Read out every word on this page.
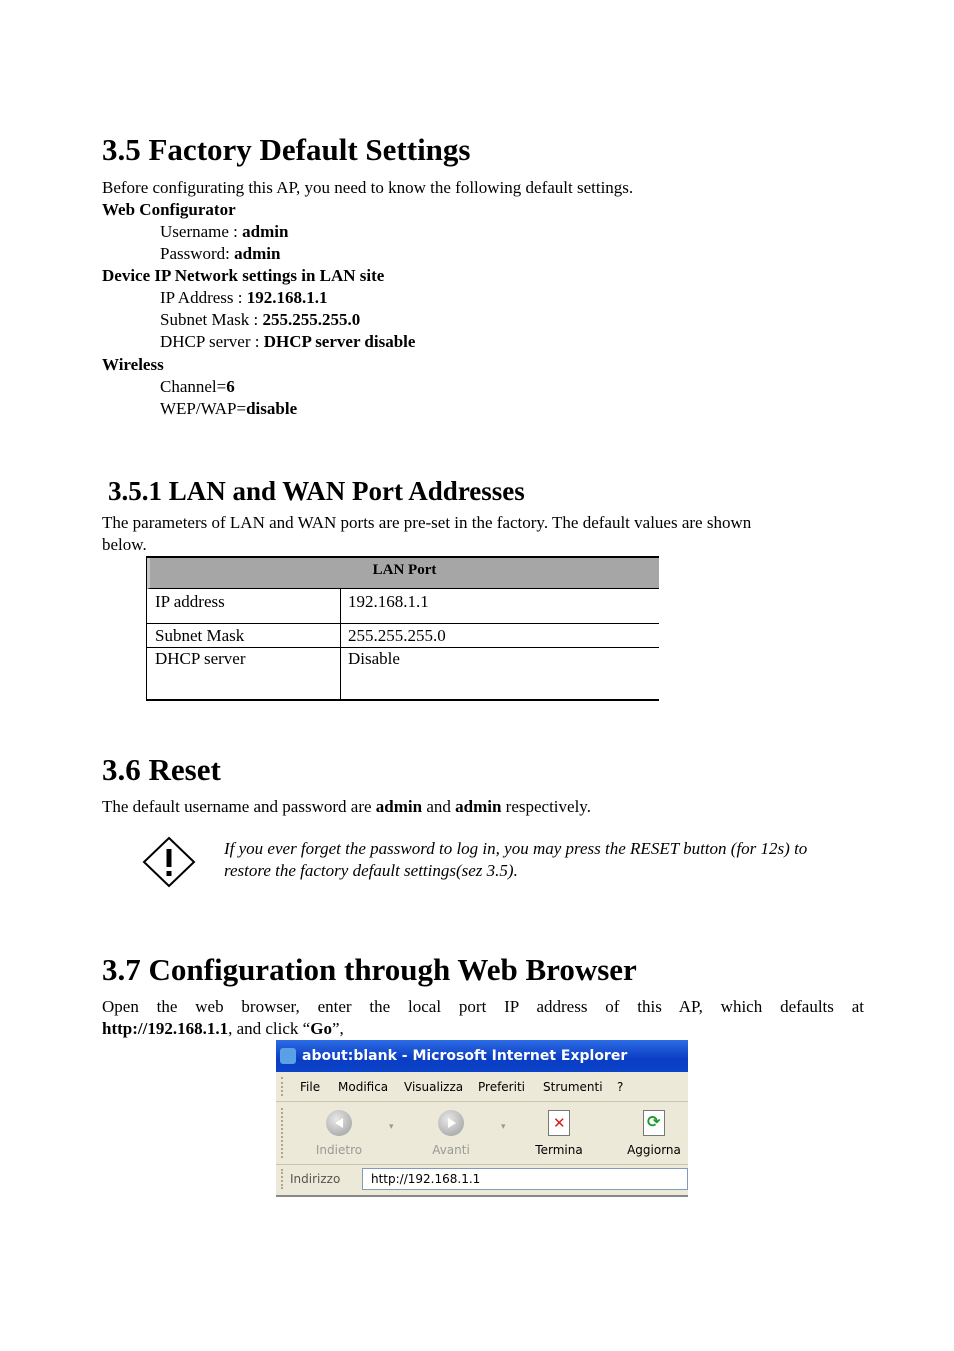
3.5 Factory Default Settings
Before configurating this AP, you need to know the following default settings.
Web Configurator
Username : admin
Password: admin
Device IP Network settings in LAN site
IP Address : 192.168.1.1
Subnet Mask : 255.255.255.0
DHCP server : DHCP server disable
Wireless
Channel=6
WEP/WAP=disable
3.5.1 LAN and WAN Port Addresses
The parameters of LAN and WAN ports are pre-set in the factory. The default values are shown
below.
LAN Port
IP address	192.168.1.1
Subnet Mask	255.255.255.0
DHCP server	Disable
3.6 Reset
The default username and password are admin and admin respectively.
If you ever forget the password to log in, you may press the RESET button (for 12s) to
restore the factory default settings(sez 3.5).
3.7 Configuration through Web Browser
Open the web browser, enter the local port IP address of this AP, which defaults at
http://192.168.1.1, and click “Go”,
about:blank - Microsoft Internet Explorer
File Modifica Visualizza Preferiti Strumenti ?
Indietro
▾
Avanti
▾	✕
Termina
⟳
Aggiorna
Indirizzo	http://192.168.1.1
